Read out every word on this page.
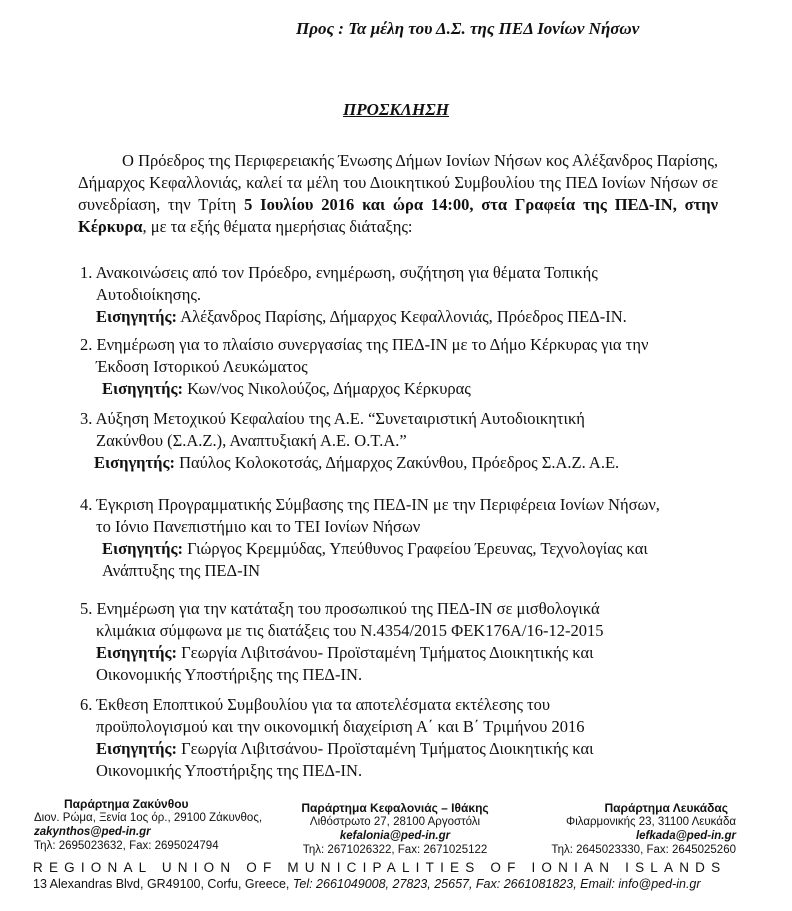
Προς : Τα μέλη του Δ.Σ. της ΠΕΔ Ιονίων Νήσων
ΠΡΟΣΚΛΗΣΗ
Ο Πρόεδρος της Περιφερειακής Ένωσης Δήμων Ιονίων Νήσων κος Αλέξανδρος Παρίσης, Δήμαρχος Κεφαλλονιάς, καλεί τα μέλη του Διοικητικού Συμβουλίου της ΠΕΔ Ιονίων Νήσων σε συνεδρίαση, την Τρίτη 5 Ιουλίου 2016 και ώρα 14:00, στα Γραφεία της ΠΕΔ-ΙΝ, στην Κέρκυρα, με τα εξής θέματα ημερήσιας διάταξης:
1. Ανακοινώσεις από τον Πρόεδρο, ενημέρωση, συζήτηση για θέματα Τοπικής
Αυτοδιοίκησης.
Εισηγητής: Αλέξανδρος Παρίσης, Δήμαρχος Κεφαλλονιάς, Πρόεδρος ΠΕΔ-ΙΝ.
2. Ενημέρωση για το πλαίσιο συνεργασίας της ΠΕΔ-ΙΝ με το Δήμο Κέρκυρας για την
Έκδοση Ιστορικού Λευκώματος
Εισηγητής: Κων/νος Νικολούζος, Δήμαρχος Κέρκυρας
3. Αύξηση Μετοχικού Κεφαλαίου της Α.Ε. “Συνεταιριστική Αυτοδιοικητική
Ζακύνθου (Σ.Α.Ζ.), Αναπτυξιακή Α.Ε. Ο.Τ.Α.”
Εισηγητής: Παύλος Κολοκοτσάς, Δήμαρχος Ζακύνθου, Πρόεδρος Σ.Α.Ζ. Α.Ε.
4. Έγκριση Προγραμματικής Σύμβασης της ΠΕΔ-ΙΝ με την Περιφέρεια Ιονίων Νήσων,
το Ιόνιο Πανεπιστήμιο και το ΤΕΙ Ιονίων Νήσων
Εισηγητής: Γιώργος Κρεμμύδας, Υπεύθυνος Γραφείου Έρευνας, Τεχνολογίας και
Ανάπτυξης της ΠΕΔ-ΙΝ
5. Ενημέρωση για την κατάταξη του προσωπικού της ΠΕΔ-ΙΝ σε μισθολογικά
κλιμάκια σύμφωνα με τις διατάξεις του Ν.4354/2015 ΦΕΚ176Α/16-12-2015
Εισηγητής: Γεωργία Λιβιτσάνου- Προϊσταμένη Τμήματος Διοικητικής και
Οικονομικής Υποστήριξης της ΠΕΔ-ΙΝ.
6. Έκθεση Εποπτικού Συμβουλίου για τα αποτελέσματα εκτέλεσης του
προϋπολογισμού και την οικονομική διαχείριση Α΄ και Β΄ Τριμήνου 2016
Εισηγητής: Γεωργία Λιβιτσάνου- Προϊσταμένη Τμήματος Διοικητικής και
Οικονομικής Υποστήριξης της ΠΕΔ-ΙΝ.
Παράρτημα Ζακύνθου
Διον. Ρώμα, Ξενία 1ος όρ., 29100 Ζάκυνθος,
zakynthos@ped-in.gr
Τηλ: 2695023632, Fax: 2695024794
Παράρτημα Κεφαλονιάς – Ιθάκης
Λιθόστρωτο 27, 28100 Αργοστόλι
kefalonia@ped-in.gr
Τηλ: 2671026322, Fax: 2671025122
Παράρτημα Λευκάδας
Φιλαρμονικής 23, 31100 Λευκάδα
lefkada@ped-in.gr
Τηλ: 2645023330, Fax: 2645025260
REGIONAL UNION OF MUNICIPALITIES OF IONIAN ISLANDS
13 Alexandras Blvd, GR49100, Corfu, Greece, Tel: 2661049008, 27823, 25657, Fax: 2661081823, Email: info@ped-in.gr
